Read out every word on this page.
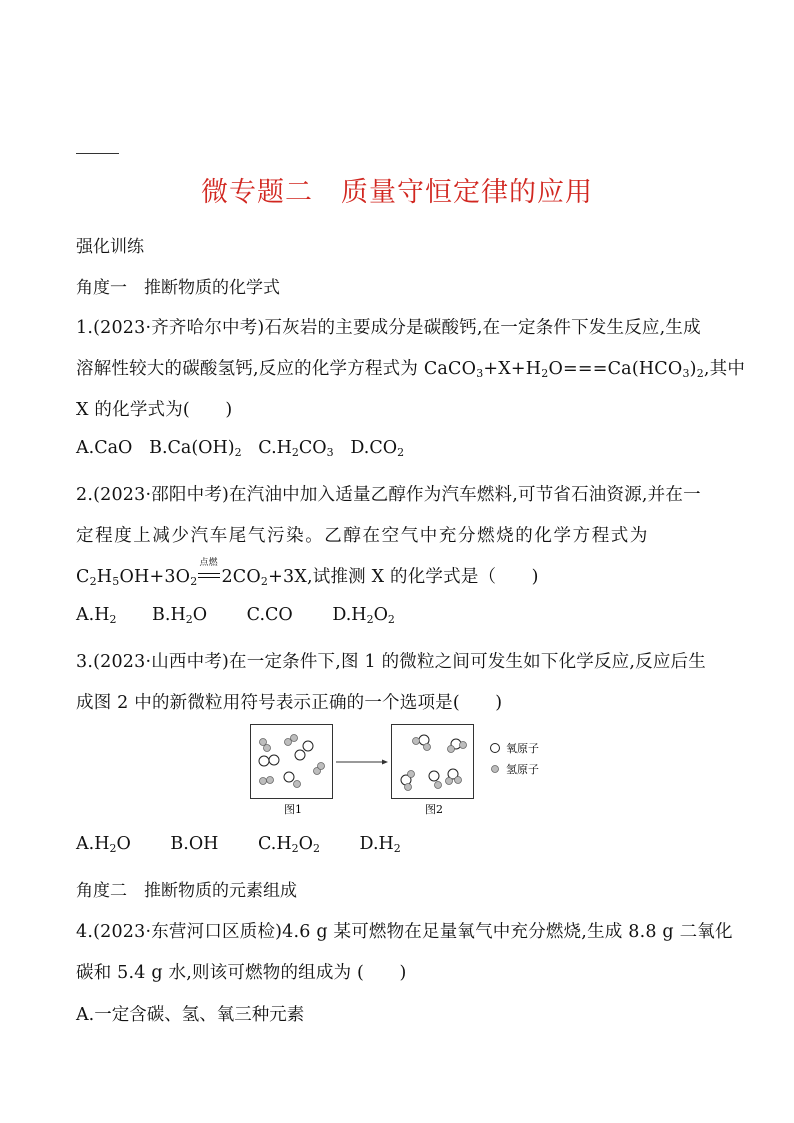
微专题二　质量守恒定律的应用
强化训练
角度一　推断物质的化学式
1.(2023·齐齐哈尔中考)石灰岩的主要成分是碳酸钙,在一定条件下发生反应,生成
溶解性较大的碳酸氢钙,反应的化学方程式为 $CaCO_3+X+H_2O===Ca(HCO_3)_2$,其中
X 的化学式为(　　)
A.CaO $B.Ca(OH)_2$ $C.H_2CO_3$ $D.CO_2$
2.(2023·邵阳中考)在汽油中加入适量乙醇作为汽车燃料,可节省石油资源,并在一
定程度上减少汽车尾气污染。乙醇在空气中充分燃烧的化学方程式为
$C_2H_5OH+3O_2$
点燃
$2CO_2+3X$,试推测 X 的化学式是（　　)
$A.H_2$ $B.H_2O$ C.CO $D.H_2O_2$
3.(2023·山西中考)在一定条件下,图 1 的微粒之间可发生如下化学反应,反应后生
成图 2 中的新微粒用符号表示正确的一个选项是(　　)
氧原子
氢原子
图1	图2
$A.H_2O$ B.OH $C.H_2O_2$ $D.H_2$
角度二　推断物质的元素组成
4.(2023·东营河口区质检)4.6 g 某可燃物在足量氧气中充分燃烧,生成 8.8 g 二氧化
碳和 5.4 g 水,则该可燃物的组成为 (　　)
A.一定含碳、氢、氧三种元素
